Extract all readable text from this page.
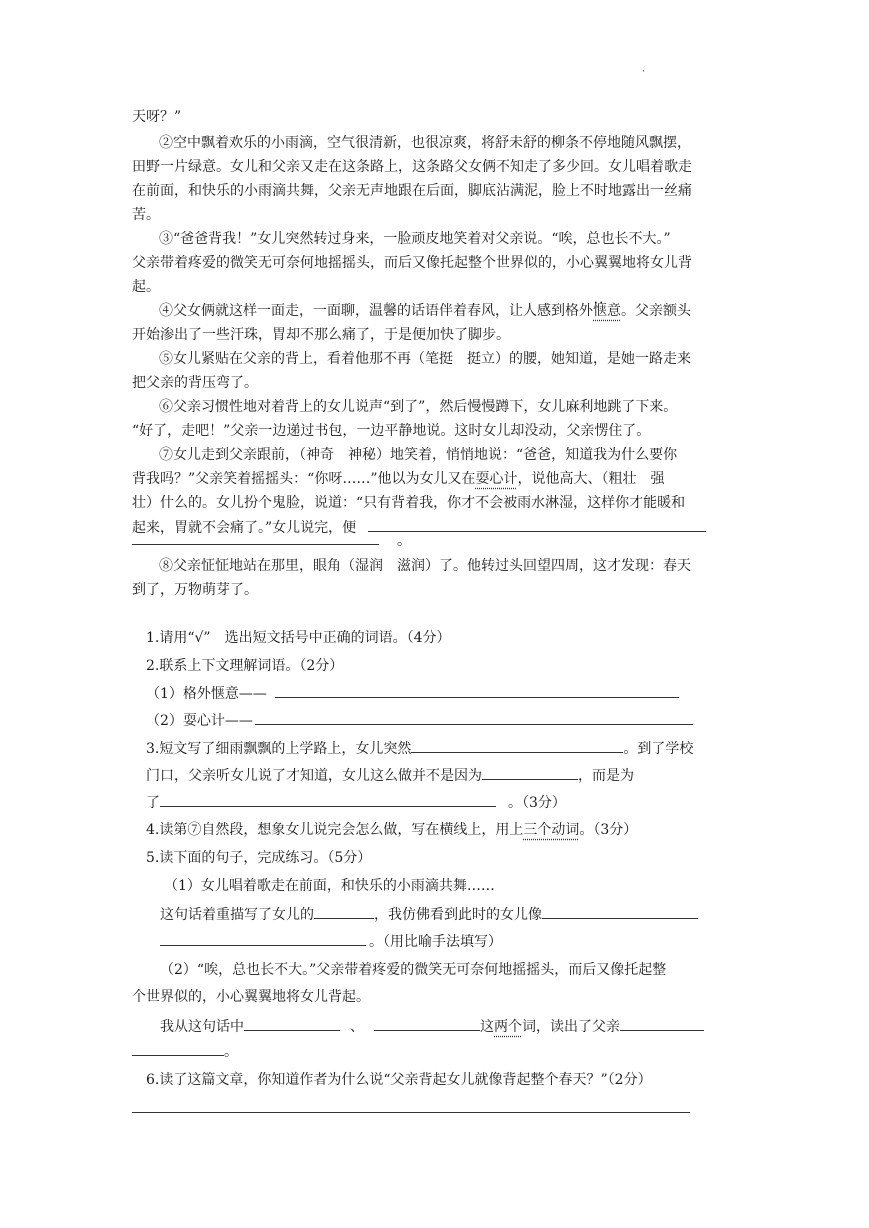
·
天呀？”
②空中飘着欢乐的小雨滴，空气很清新，也很凉爽，将舒未舒的柳条不停地随风飘摆，
田野一片绿意。女儿和父亲又走在这条路上，这条路父女俩不知走了多少回。女儿唱着歌走
在前面，和快乐的小雨滴共舞，父亲无声地跟在后面，脚底沾满泥，脸上不时地露出一丝痛
苦。
③“爸爸背我！”女儿突然转过身来，一脸顽皮地笑着对父亲说。“唉，总也长不大。”
父亲带着疼爱的微笑无可奈何地摇摇头，而后又像托起整个世界似的，小心翼翼地将女儿背
起。
④父女俩就这样一面走，一面聊，温馨的话语伴着春风，让人感到格外• • 惬意。父亲额头
开始渗出了一些汗珠，胃却不那么痛了，于是便加快了脚步。
⑤女儿紧贴在父亲的背上，看着他那不再（笔挺　挺立）的腰，她知道，是她一路走来
把父亲的背压弯了。
⑥父亲习惯性地对着背上的女儿说声“到了”，然后慢慢蹲下，女儿麻利地跳了下来。
“好了，走吧！”父亲一边递过书包，一边平静地说。这时女儿却没动，父亲愣住了。
⑦女儿走到父亲跟前，（神奇　神秘）地笑着，悄悄地说：“爸爸，知道我为什么要你
背我吗？”父亲笑着摇摇头：“你呀……”他以为女儿又在耍心计，说他高大、（粗壮　强
壮）什么的。女儿扮个鬼脸，说道：“只有背着我，你才不会被雨水淋湿，这样你才能暖和
起来，胃就不会痛了。”女儿说完，便
。
⑧父亲怔怔地站在那里，眼角（湿润　滋润）了。他转过头回望四周，这才发现：春天
到了，万物萌芽了。
1.请用“√”　选出短文括号中正确的词语。（4分）
2.联系上下文理解词语。（2分）
（1）格外惬意——
（2）耍心计——
3.短文写了细雨飘飘的上学路上，女儿突然	。到了学校
门口，父亲听女儿说了才知道，女儿这么做并不是因为	，而是为
了	。（3分）
4.读第⑦自然段，想象女儿说完会怎么做，写在横线上，用上三个动词。（3分）
5.读下面的句子，完成练习。（5分）
（1）女儿唱着歌走在前面，和快乐的小雨滴共舞……
这句话着重描写了女儿的	，我仿佛看到此时的女儿像
。（用比喻手法填写）
（2）“唉，总也长不大。”父亲带着疼爱的微笑无可奈何地摇摇头，而后又像托起整
个世界似的，小心翼翼地将女儿背起。
我从这句话中	、	这两个词，读出了父亲
。
6.读了这篇文章，你知道作者为什么说“父亲背起女儿就像背起整个春天？”（2分）
